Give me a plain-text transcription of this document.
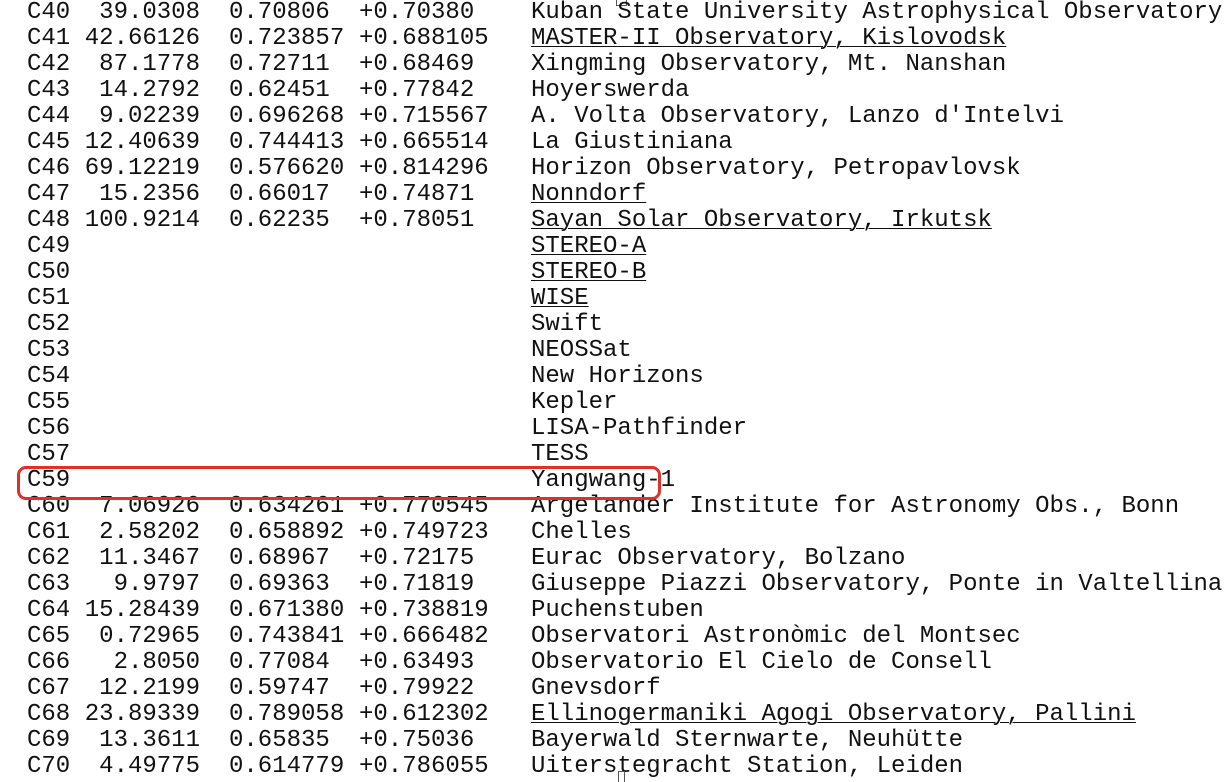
C40 39.0308 0.70806 +0.70380 Kuban State University Astrophysical Observatory
C41 42.66126 0.723857 +0.688105 MASTER-II Observatory, Kislovodsk
C42 87.1778 0.72711 +0.68469 Xingming Observatory, Mt. Nanshan
C43 14.2792 0.62451 +0.77842 Hoyerswerda
C44 9.02239 0.696268 +0.715567 A. Volta Observatory, Lanzo d'Intelvi
C45 12.40639 0.744413 +0.665514 La Giustiniana
C46 69.12219 0.576620 +0.814296 Horizon Observatory, Petropavlovsk
C47 15.2356 0.66017 +0.74871 Nonndorf
C48 100.9214 0.62235 +0.78051 Sayan Solar Observatory, Irkutsk
C49	STEREO-A
C50	STEREO-B
C51	WISE
C52	Swift
C53	NEOSSat
C54	New Horizons
C55	Kepler
C56	LISA-Pathfinder
C57	TESS
C59	Yangwang-1
C60 7.06926 0.634261 +0.770545 Argelander Institute for Astronomy Obs., Bonn
C61 2.58202 0.658892 +0.749723 Chelles
C62 11.3467 0.68967 +0.72175 Eurac Observatory, Bolzano
C63 9.9797 0.69363 +0.71819 Giuseppe Piazzi Observatory, Ponte in Valtellina
C64 15.28439 0.671380 +0.738819 Puchenstuben
C65 0.72965 0.743841 +0.666482 Observatori Astronòmic del Montsec
C66 2.8050 0.77084 +0.63493 Observatorio El Cielo de Consell
C67 12.2199 0.59747 +0.79922 Gnevsdorf
C68 23.89339 0.789058 +0.612302 Ellinogermaniki Agogi Observatory, Pallini
C69 13.3611 0.65835 +0.75036 Bayerwald Sternwarte, Neuhütte
C70 4.49775 0.614779 +0.786055 Uiterstegracht Station, Leiden
